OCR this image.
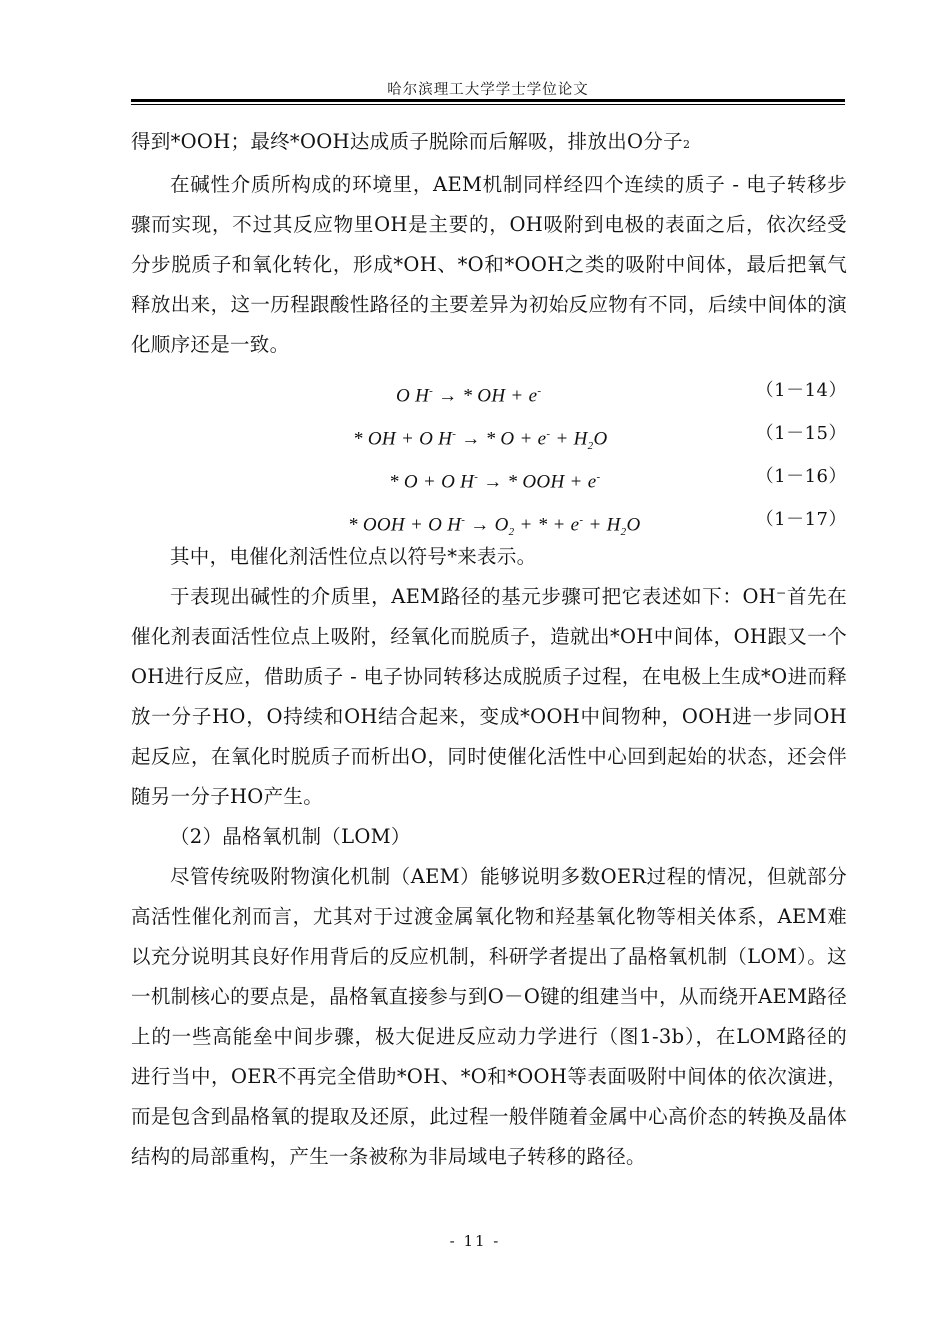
哈尔滨理工大学学士学位论文

得到*OOH；最终*OOH达成质子脱除而后解吸，排放出O分子2

在碱性介质所构成的环境里，AEM机制同样经四个连续的质子 - 电子转移步骤而实现，不过其反应物里OH是主要的，OH吸附到电极的表面之后，依次经受分步脱质子和氧化转化，形成*OH、*O和*OOH之类的吸附中间体，最后把氧气释放出来，这一历程跟酸性路径的主要差异为初始反应物有不同，后续中间体的演化顺序还是一致。

O H- → * OH + e-	（1－14）
* OH + O H- → * $O + e^- + H_2O$	（1－15）
* O + O H- → * OOH + e-	（1－16）
* OOH + O $H^- \to O_2$ + * + $e^- + H_2O$	（1－17）

其中，电催化剂活性位点以符号*来表示。

于表现出碱性的介质里，AEM路径的基元步骤可把它表述如下：OH⁻首先在催化剂表面活性位点上吸附，经氧化而脱质子，造就出*OH中间体，OH跟又一个OH进行反应，借助质子 - 电子协同转移达成脱质子过程，在电极上生成*O进而释放一分子HO，O持续和OH结合起来，变成*OOH中间物种，OOH进一步同OH起反应，在氧化时脱质子而析出O，同时使催化活性中心回到起始的状态，还会伴随另一分子HO产生。

（2）晶格氧机制（LOM）

尽管传统吸附物演化机制（AEM）能够说明多数OER过程的情况，但就部分高活性催化剂而言，尤其对于过渡金属氧化物和羟基氧化物等相关体系，AEM难以充分说明其良好作用背后的反应机制，科研学者提出了晶格氧机制（LOM）。这一机制核心的要点是，晶格氧直接参与到O－O键的组建当中，从而绕开AEM路径上的一些高能垒中间步骤，极大促进反应动力学进行（图1-3b），在LOM路径的进行当中，OER不再完全借助*OH、*O和*OOH等表面吸附中间体的依次演进，而是包含到晶格氧的提取及还原，此过程一般伴随着金属中心高价态的转换及晶体结构的局部重构，产生一条被称为非局域电子转移的路径。

- 11 -
